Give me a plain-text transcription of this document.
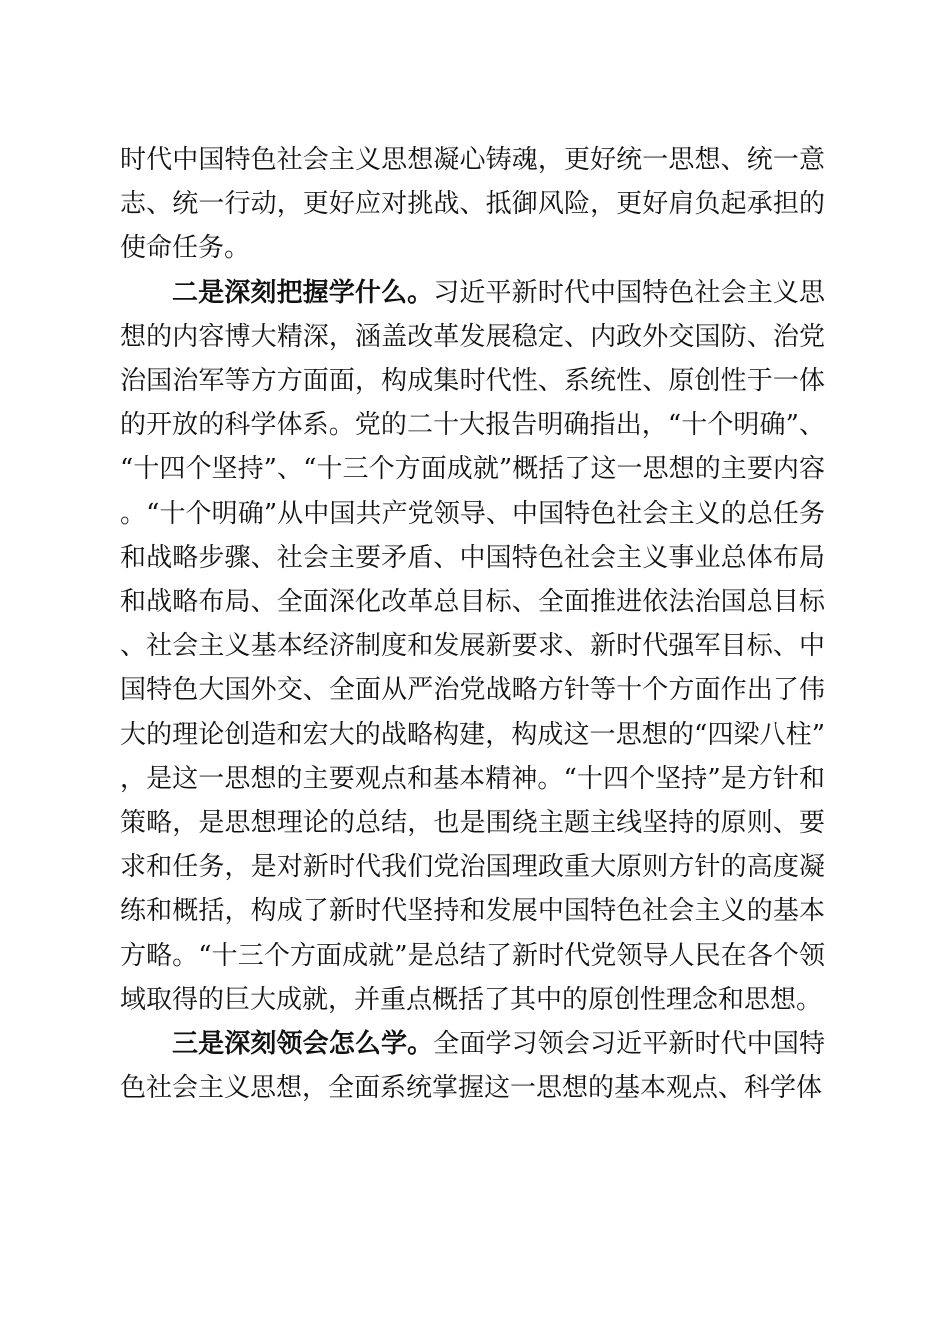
时代中国特色社会主义思想凝心铸魂，更好统一思想、统一意志、统一行动，更好应对挑战、抵御风险，更好肩负起承担的使命任务。

二是深刻把握学什么。习近平新时代中国特色社会主义思想的内容博大精深，涵盖改革发展稳定、内政外交国防、治党治国治军等方方面面，构成集时代性、系统性、原创性于一体的开放的科学体系。党的二十大报告明确指出，“十个明确”、“十四个坚持”、“十三个方面成就”概括了这一思想的主要内容。“十个明确”从中国共产党领导、中国特色社会主义的总任务和战略步骤、社会主要矛盾、中国特色社会主义事业总体布局和战略布局、全面深化改革总目标、全面推进依法治国总目标、社会主义基本经济制度和发展新要求、新时代强军目标、中国特色大国外交、全面从严治党战略方针等十个方面作出了伟大的理论创造和宏大的战略构建，构成这一思想的“四梁八柱”，是这一思想的主要观点和基本精神。“十四个坚持”是方针和策略，是思想理论的总结，也是围绕主题主线坚持的原则、要求和任务，是对新时代我们党治国理政重大原则方针的高度凝练和概括，构成了新时代坚持和发展中国特色社会主义的基本方略。“十三个方面成就”是总结了新时代党领导人民在各个领域取得的巨大成就，并重点概括了其中的原创性理念和思想。

三是深刻领会怎么学。全面学习领会习近平新时代中国特色社会主义思想，全面系统掌握这一思想的基本观点、科学体
